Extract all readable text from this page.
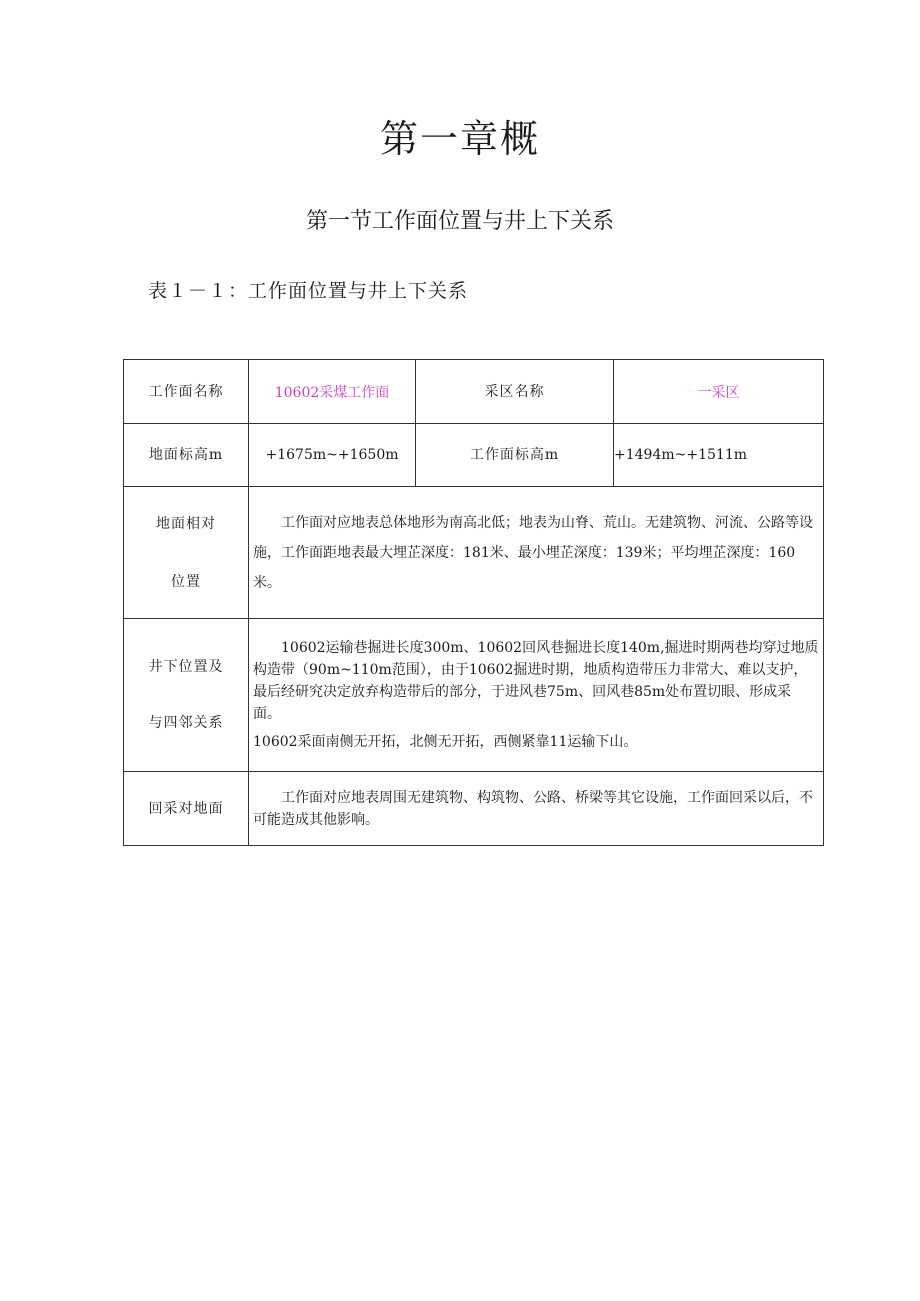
第一章概
第一节工作面位置与井上下关系
表１－１：工作面位置与井上下关系
工作面名称	10602采煤工作面	采区名称	一采区
地面标高m	+1675m~+1650m	工作面标高m	+1494m~+1511m
地面相对
位置	工作面对应地表总体地形为南高北低；地表为山脊、荒山。无建筑物、河流、公路等设施，工作面距地表最大埋芷深度：181米、最小埋芷深度：139米；平均埋芷深度：160米。		

井下位置及
与四邻关系	10602运输巷掘进长度300m、10602回风巷掘进长度140m,掘进时期两巷均穿过地质构造带（90m~110m范围），由于10602掘进时期，地质构造带压力非常大、难以支护，最后经研究决定放弃构造带后的部分，于进风巷75m、回风巷85m处布置切眼、形成采面。
10602采面南侧无开拓，北侧无开拓，西侧紧靠11运输下山。		

回采对地面	工作面对应地表周围无建筑物、构筑物、公路、桥梁等其它设施，工作面回采以后，不可能造成其他影响。		
